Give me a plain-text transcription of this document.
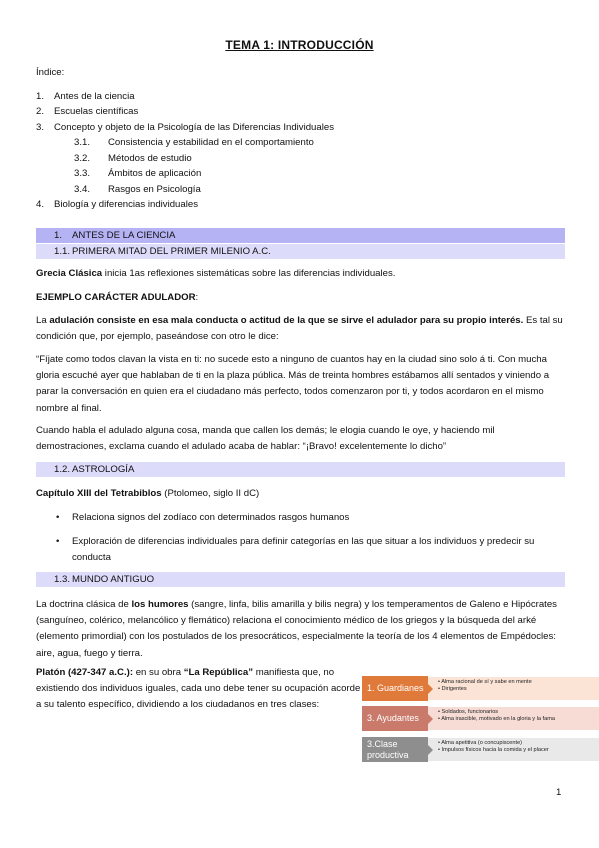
TEMA 1: INTRODUCCIÓN
Índice:
1. Antes de la ciencia
2. Escuelas científicas
3. Concepto y objeto de la Psicología de las Diferencias Individuales
3.1. Consistencia y estabilidad en el comportamiento
3.2. Métodos de estudio
3.3. Ámbitos de aplicación
3.4. Rasgos en Psicología
4. Biología y diferencias individuales
1. ANTES DE LA CIENCIA
1.1. PRIMERA MITAD DEL PRIMER MILENIO A.C.
Grecia Clásica inicia 1as reflexiones sistemáticas sobre las diferencias individuales.
EJEMPLO CARÁCTER ADULADOR:
La adulación consiste en esa mala conducta o actitud de la que se sirve el adulador para su propio interés. Es tal su condición que, por ejemplo, paseándose con otro le dice:
“Fíjate como todos clavan la vista en ti: no sucede esto a ninguno de cuantos hay en la ciudad sino solo á ti. Con mucha gloria escuché ayer que hablaban de ti en la plaza pública. Más de treinta hombres estábamos allí sentados y viniendo a parar la conversación en quien era el ciudadano más perfecto, todos comenzaron por ti, y todos acordaron en el mismo nombre al final.
Cuando habla el adulado alguna cosa, manda que callen los demás; le elogia cuando le oye, y haciendo mil demostraciones, exclama cuando el adulado acaba de hablar: “¡Bravo! excelentemente lo dicho”
1.2. ASTROLOGÍA
Capítulo XIII del Tetrabiblos (Ptolomeo, siglo II dC)
• Relaciona signos del zodíaco con determinados rasgos humanos
• Exploración de diferencias individuales para definir categorías en las que situar a los individuos y predecir su conducta
1.3. MUNDO ANTIGUO
La doctrina clásica de los humores (sangre, linfa, bilis amarilla y bilis negra) y los temperamentos de Galeno e Hipócrates (sanguíneo, colérico, melancólico y flemático) relaciona el conocimiento médico de los griegos y la búsqueda del arké (elemento primordial) con los postulados de los presocráticos, especialmente la teoría de los 4 elementos de Empédocles: aire, agua, fuego y tierra.
Platón (427-347 a.C.): en su obra “La República” manifiesta que, no existiendo dos individuos iguales, cada uno debe tener su ocupación acorde a su talento específico, dividiendo a los ciudadanos en tres clases:
• Alma racional de sí y sabe en mente
• Dirigentes
1. Guardianes
• Soldados, funcionarios
• Alma irascible, motivado en la gloria y la fama
3. Ayudantes
• Alma apetitiva (o concupiscente)
• Impulsos físicos hacia la comida y el placer
3.Clase productiva
1
